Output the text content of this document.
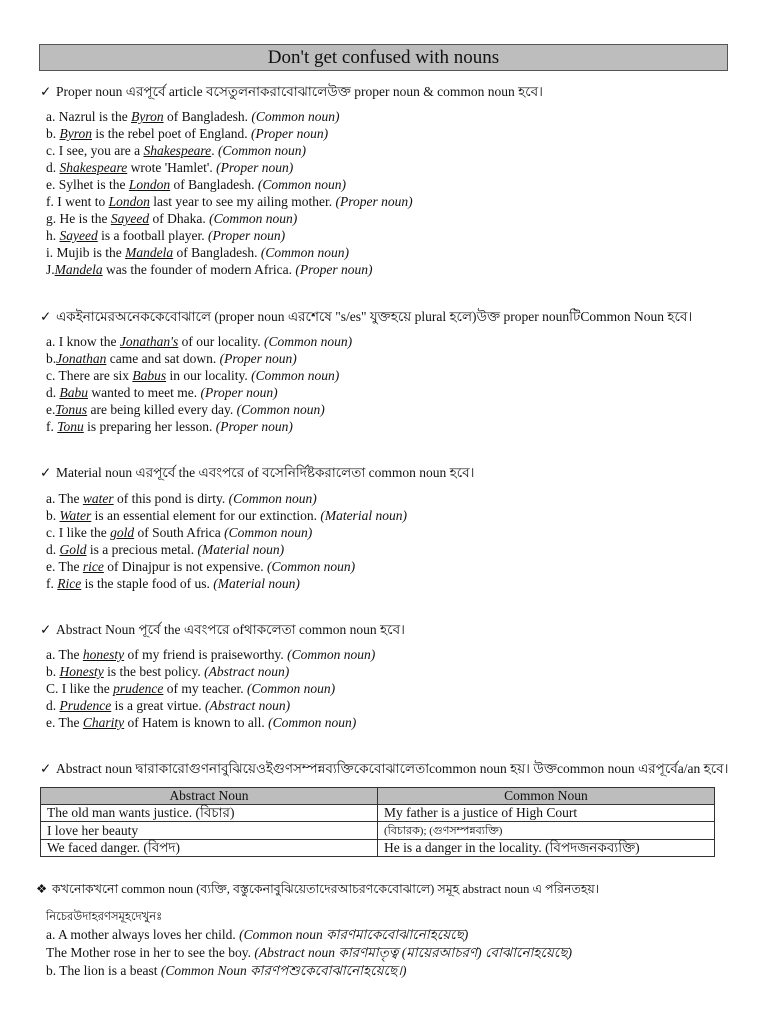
Don't get confused with nouns
✓ Proper noun এরপূর্বে article বসেতুলনাকরাবোঝালেউক্ত proper noun & common noun হবে।
a. Nazrul is the Byron of Bangladesh. (Common noun)
b. Byron is the rebel poet of England. (Proper noun)
c. I see, you are a Shakespeare. (Common noun)
d. Shakespeare wrote 'Hamlet'. (Proper noun)
e. Sylhet is the London of Bangladesh. (Common noun)
f. I went to London last year to see my ailing mother. (Proper noun)
g. He is the Sayeed of Dhaka. (Common noun)
h. Sayeed is a football player. (Proper noun)
i. Mujib is the Mandela of Bangladesh. (Common noun)
J.Mandela was the founder of modern Africa. (Proper noun)
✓ একইনামেরঅনেককেবোঝালে (proper noun এরশেষে "s/es" যুক্তহয়ে plural হলে)উক্ত proper nounটিCommon Noun হবে।
a. I know the Jonathan's of our locality. (Common noun)
b.Jonathan came and sat down. (Proper noun)
c. There are six Babus in our locality. (Common noun)
d. Babu wanted to meet me. (Proper noun)
e.Tonus are being killed every day. (Common noun)
f. Tonu is preparing her lesson. (Proper noun)
✓ Material noun এরপূর্বে the এবংপরে of বসেনির্দিষ্টকরালেতা common noun হবে।
a. The water of this pond is dirty. (Common noun)
b. Water is an essential element for our extinction. (Material noun)
c. I like the gold of South Africa (Common noun)
d. Gold is a precious metal. (Material noun)
e. The rice of Dinajpur is not expensive. (Common noun)
f. Rice is the staple food of us. (Material noun)
✓ Abstract Noun পূর্বে the এবংপরে ofথাকলেতা common noun হবে।
a. The honesty of my friend is praiseworthy. (Common noun)
b. Honesty is the best policy. (Abstract noun)
C. I like the prudence of my teacher. (Common noun)
d. Prudence is a great virtue. (Abstract noun)
e. The Charity of Hatem is known to all. (Common noun)
✓ Abstract noun দ্বারাকারোগুণনাবুঝিয়েওইগুণসম্পন্নব্যক্তিকেবোঝালেতাcommon noun হয়। উক্তcommon noun এরপূর্বেa/an হবে।
Abstract Noun	Common Noun
The old man wants justice. (বিচার)	My father is a justice of High Court
I love her beauty	(বিচারক); (গুণসম্পন্নব্যক্তি)
We faced danger. (বিপদ)	He is a danger in the locality. (বিপদজনকব্যক্তি)
❖ কখনোকখনো common noun (ব্যক্তি, বস্তুকেনাবুঝিয়েতাদেরআচরণকেবোঝালে) সমূহ abstract noun এ পরিনতহয়।
নিচেরউদাহরণসমূহদেখুনঃ
a. A mother always loves her child. (Common noun কারণমাকেবোঝানোহয়েছে)
The Mother rose in her to see the boy. (Abstract noun কারণমাতৃত্ব (মায়েরআচরণ) বোঝানোহয়েছে)
b. The lion is a beast (Common Noun কারণপশুকেবোঝানোহয়েছে।)
